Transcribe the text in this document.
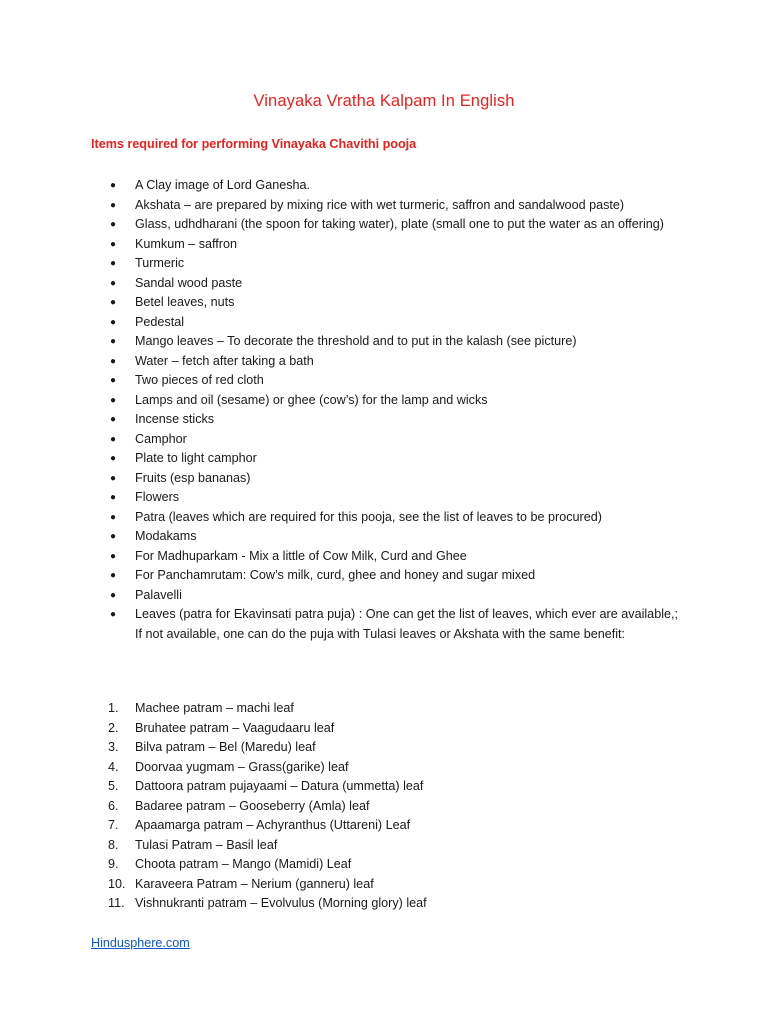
Vinayaka Vratha Kalpam In English
Items required for performing Vinayaka Chavithi pooja
● A Clay image of Lord Ganesha.
● Akshata – are prepared by mixing rice with wet turmeric, saffron and sandalwood paste)
● Glass, udhdharani (the spoon for taking water), plate (small one to put the water as an offering)
● Kumkum – saffron
● Turmeric
● Sandal wood paste
● Betel leaves, nuts
● Pedestal
● Mango leaves – To decorate the threshold and to put in the kalash (see picture)
● Water – fetch after taking a bath
● Two pieces of red cloth
● Lamps and oil (sesame) or ghee (cow’s) for the lamp and wicks
● Incense sticks
● Camphor
● Plate to light camphor
● Fruits (esp bananas)
● Flowers
● Patra (leaves which are required for this pooja, see the list of leaves to be procured)
● Modakams
● For Madhuparkam - Mix a little of Cow Milk, Curd and Ghee
● For Panchamrutam: Cow’s milk, curd, ghee and honey and sugar mixed
● Palavelli
● Leaves (patra for Ekavinsati patra puja) : One can get the list of leaves, which ever are available,; If not available, one can do the puja with Tulasi leaves or Akshata with the same benefit:
1. Machee patram – machi leaf
2. Bruhatee patram – Vaagudaaru leaf
3. Bilva patram – Bel (Maredu) leaf
4. Doorvaa yugmam – Grass(garike) leaf
5. Dattoora patram pujayaami – Datura (ummetta) leaf
6. Badaree patram – Gooseberry (Amla) leaf
7. Apaamarga patram – Achyranthus (Uttareni) Leaf
8. Tulasi Patram – Basil leaf
9. Choota patram – Mango (Mamidi) Leaf
10. Karaveera Patram – Nerium (ganneru) leaf
11. Vishnukranti patram – Evolvulus (Morning glory) leaf
Hindusphere.com
